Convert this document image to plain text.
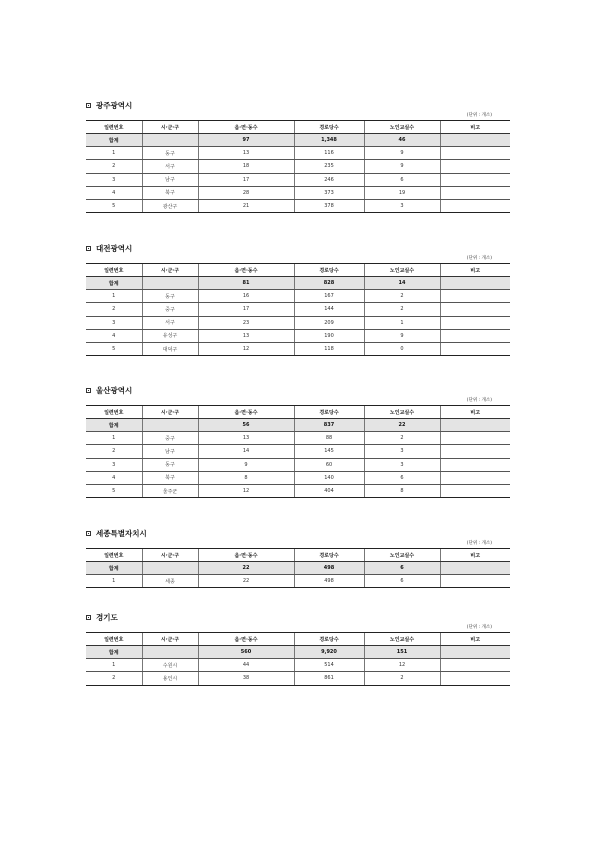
광주광역시
(단위 : 개소)
일련번호	시·군·구	읍·면·동수	경로당수	노인교실수	비고
합계		97	1,348	46	
1	동구	13	116	9	
2	서구	18	235	9	
3	남구	17	246	6	
4	북구	28	373	19	
5	광산구	21	378	3	
대전광역시
(단위 : 개소)
일련번호	시·군·구	읍·면·동수	경로당수	노인교실수	비고
합계		81	828	14	
1	동구	16	167	2	
2	중구	17	144	2	
3	서구	23	209	1	
4	유성구	13	190	9	
5	대덕구	12	118	0	
울산광역시
(단위 : 개소)
일련번호	시·군·구	읍·면·동수	경로당수	노인교실수	비고
합계		56	837	22	
1	중구	13	88	2	
2	남구	14	145	3	
3	동구	9	60	3	
4	북구	8	140	6	
5	울주군	12	404	8	
세종특별자치시
(단위 : 개소)
일련번호	시·군·구	읍·면·동수	경로당수	노인교실수	비고
합계		22	498	6	
1	세종	22	498	6	
경기도
(단위 : 개소)
일련번호	시·군·구	읍·면·동수	경로당수	노인교실수	비고
합계		560	9,920	151	
1	수원시	44	514	12	
2	용인시	38	861	2	
